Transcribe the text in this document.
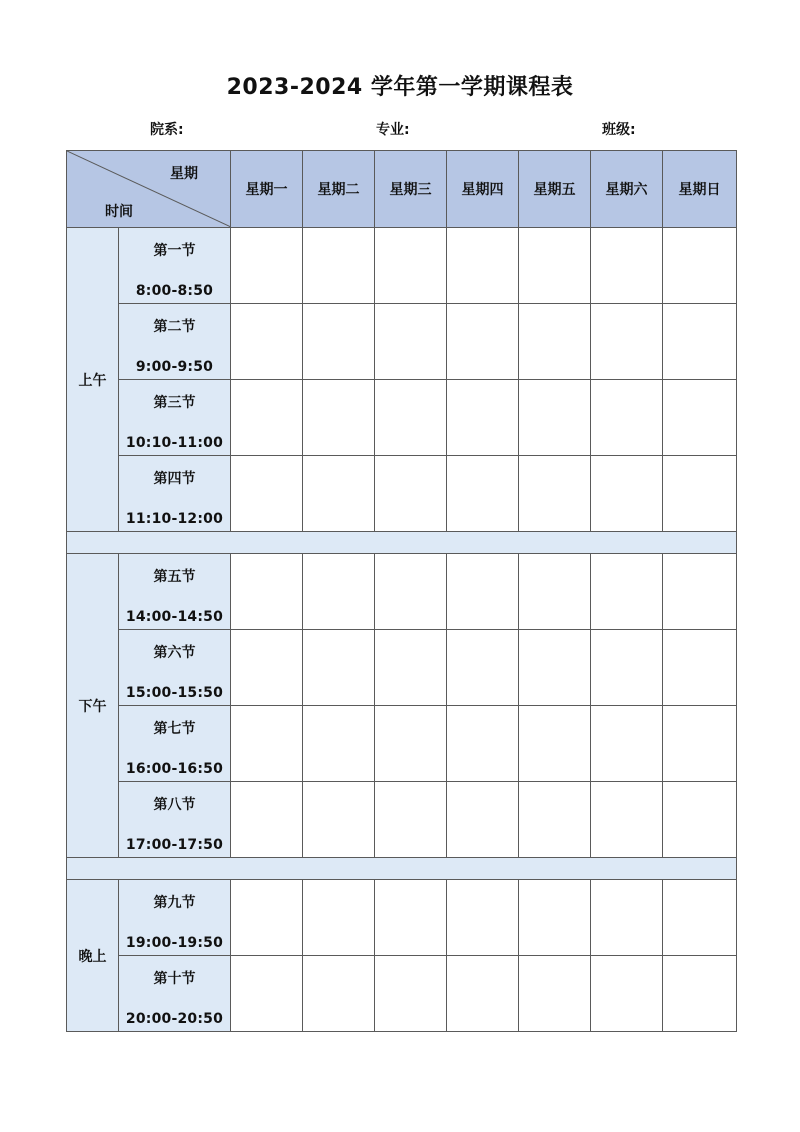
2023-2024 学年第一学期课程表
院系:	专业:	班级:
星期
时间		星期一	星期二	星期三	星期四	星期五	星期六	星期日
上午	第一节
8:00-8:50							

	第二节
9:00-9:50							

	第三节
10:10-11:00							

	第四节
11:10-12:00							

下午	第五节
14:00-14:50							

	第六节
15:00-15:50							

	第七节
16:00-16:50							

	第八节
17:00-17:50							

晚上	第九节
19:00-19:50							

	第十节
20:00-20:50							
